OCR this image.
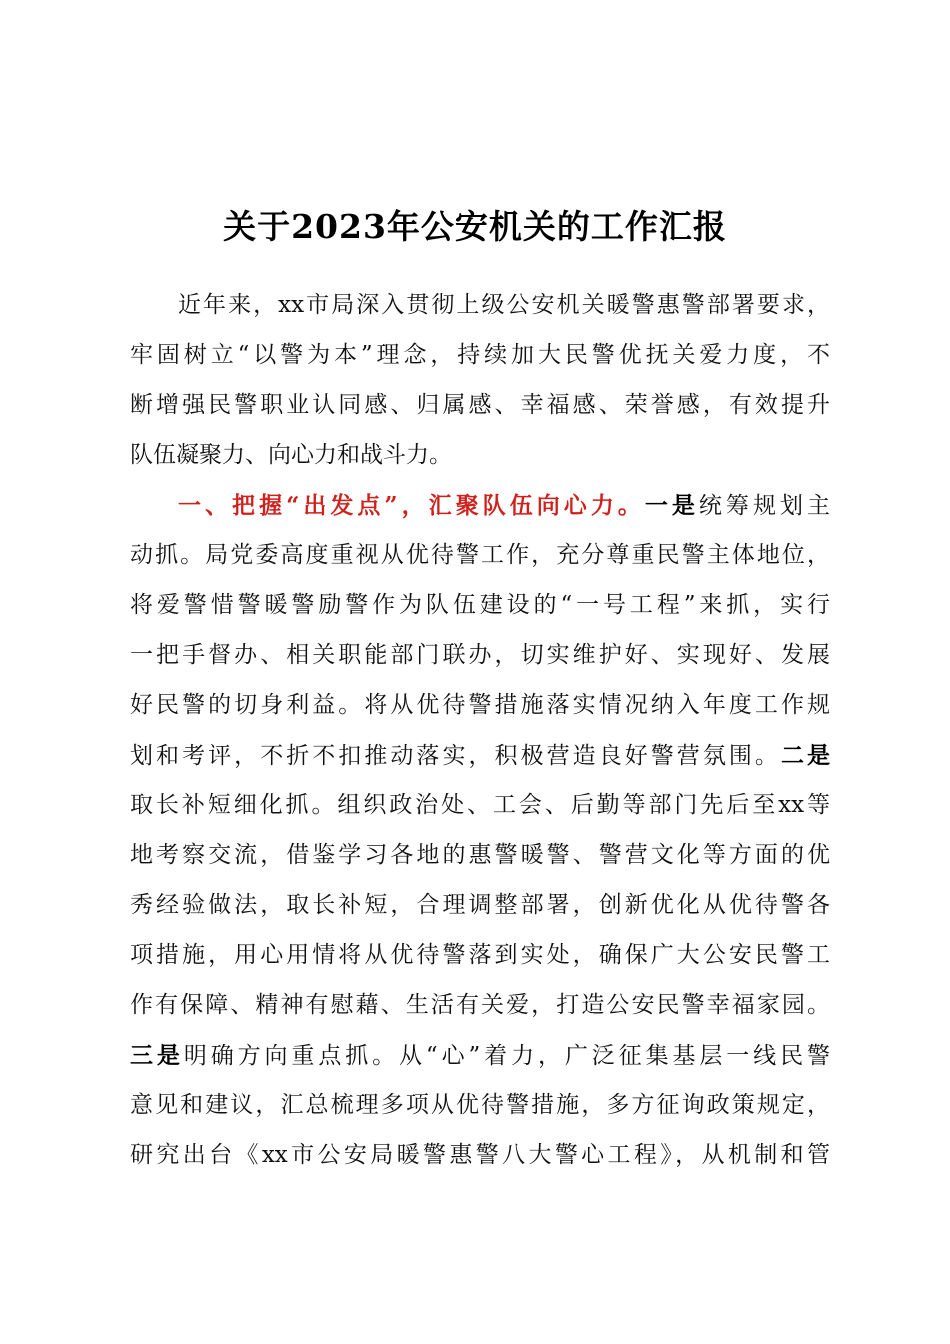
关于2023年公安机关的工作汇报
近年来，xx市局深入贯彻上级公安机关暖警惠警部署要求，
牢固树立“以警为本”理念，持续加大民警优抚关爱力度，不
断增强民警职业认同感、归属感、幸福感、荣誉感，有效提升
队伍凝聚力、向心力和战斗力。
一、把握“出发点”，汇聚队伍向心力。一是统筹规划主
动抓。局党委高度重视从优待警工作，充分尊重民警主体地位，
将爱警惜警暖警励警作为队伍建设的“一号工程”来抓，实行
一把手督办、相关职能部门联办，切实维护好、实现好、发展
好民警的切身利益。将从优待警措施落实情况纳入年度工作规
划和考评，不折不扣推动落实，积极营造良好警营氛围。二是
取长补短细化抓。组织政治处、工会、后勤等部门先后至xx等
地考察交流，借鉴学习各地的惠警暖警、警营文化等方面的优
秀经验做法，取长补短，合理调整部署，创新优化从优待警各
项措施，用心用情将从优待警落到实处，确保广大公安民警工
作有保障、精神有慰藉、生活有关爱，打造公安民警幸福家园。
三是明确方向重点抓。从“心”着力，广泛征集基层一线民警
意见和建议，汇总梳理多项从优待警措施，多方征询政策规定，
研究出台《xx市公安局暖警惠警八大警心工程》，从机制和管
